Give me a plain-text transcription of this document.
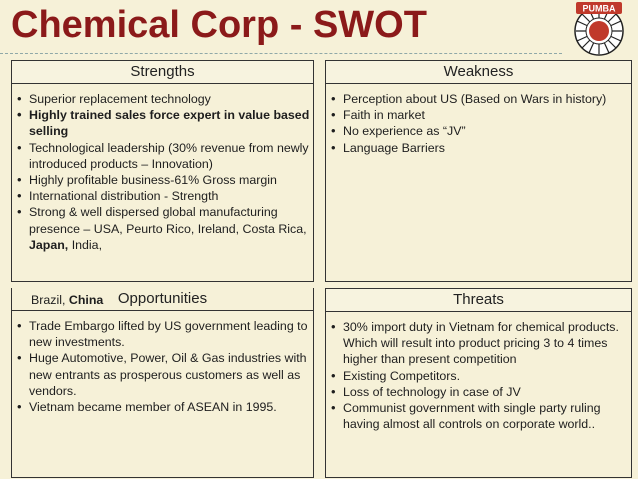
Chemical Corp - SWOT	PUMBA
Strengths
• Superior replacement technology
• Highly trained sales force expert in value based selling
• Technological leadership (30% revenue from newly introduced products – Innovation)
• Highly profitable business-61% Gross margin
• International distribution - Strength
• Strong & well dispersed global manufacturing presence – USA, Peurto Rico, Ireland, Costa Rica, Japan, India,
Brazil, China
Weakness
• Perception about US (Based on Wars in history)
• Faith in market
• No experience as “JV”
• Language Barriers
Opportunities
• Trade Embargo lifted by US government leading to new investments.
• Huge Automotive, Power, Oil & Gas industries with new entrants as prosperous customers as well as vendors.
• Vietnam became member of ASEAN in 1995.
Threats
• 30% import duty in Vietnam for chemical products. Which will result into product pricing 3 to 4 times higher than present competition
• Existing Competitors.
• Loss of technology in case of JV
• Communist government with single party ruling having almost all controls on corporate world..
